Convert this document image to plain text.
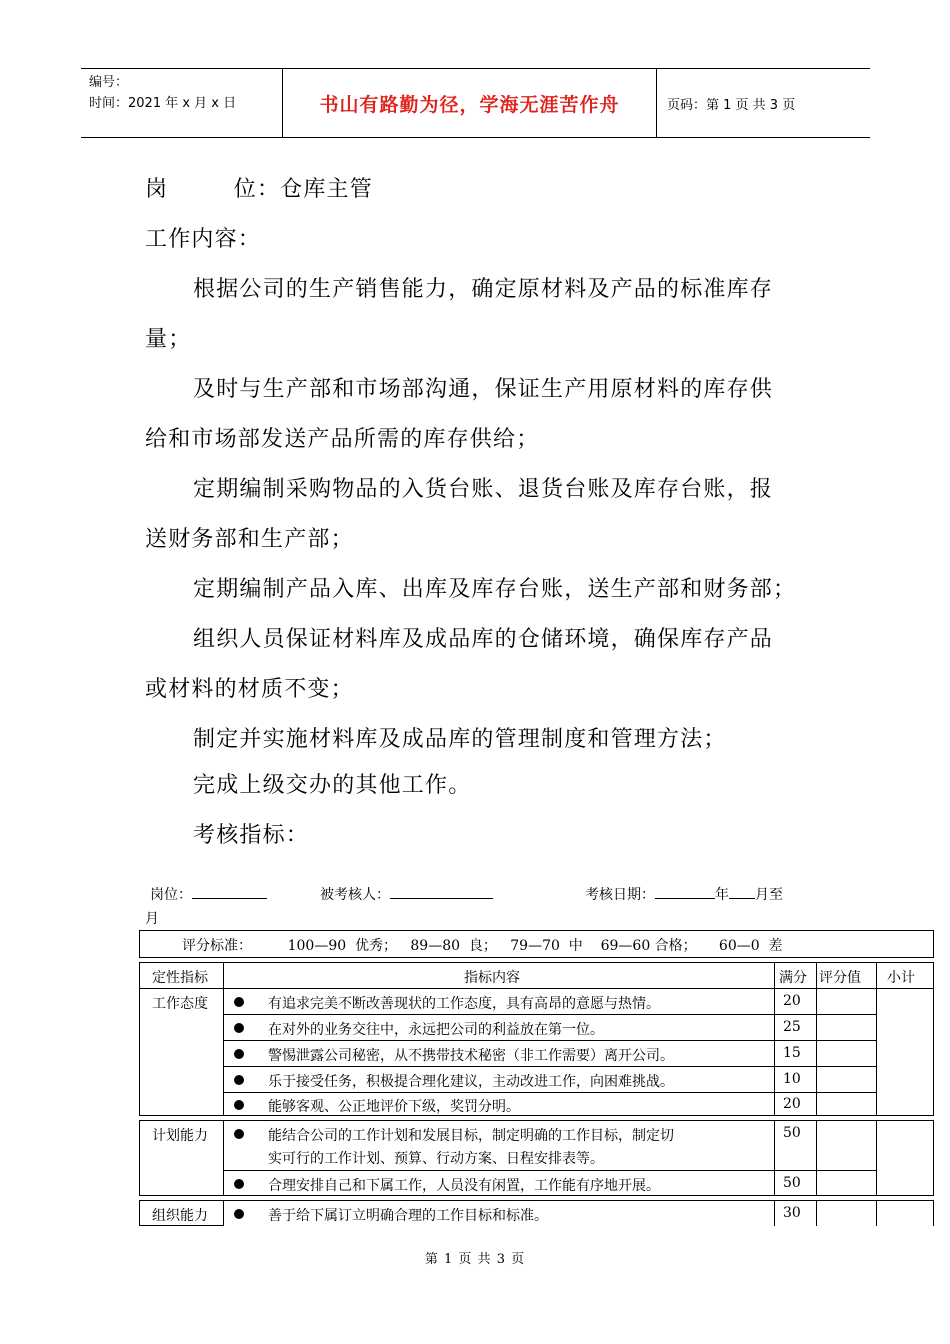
编号：
时间：2021 年 x 月 x 日	书山有路勤为径，学海无涯苦作舟	页码：第 1 页 共 3 页
岗        位：仓库主管
工作内容：
根据公司的生产销售能力，确定原材料及产品的标准库存
量；
及时与生产部和市场部沟通，保证生产用原材料的库存供
给和市场部发送产品所需的库存供给；
定期编制采购物品的入货台账、退货台账及库存台账，报
送财务部和生产部；
定期编制产品入库、出库及库存台账，送生产部和财务部；
组织人员保证材料库及成品库的仓储环境，确保库存产品
或材料的材质不变；
制定并实施材料库及成品库的管理制度和管理方法；
完成上级交办的其他工作。
考核指标：
岗位：	被考核人：	考核日期：	年 月至
月
评分标准：        100—90  优秀；   89—80  良；   79—70  中    69—60 合格；     60—0  差
定性指标	指标内容	满分 评分值 小计
工作态度	有追求完美不断改善现状的工作态度，具有高昂的意愿与热情。	20
在对外的业务交往中，永远把公司的利益放在第一位。	25
警惕泄露公司秘密，从不携带技术秘密（非工作需要）离开公司。	15
乐于接受任务，积极提合理化建议，主动改进工作，向困难挑战。	10
能够客观、公正地评价下级，奖罚分明。	20
计划能力	能结合公司的工作计划和发展目标，制定明确的工作目标，制定切
实可行的工作计划、预算、行动方案、日程安排表等。
50
合理安排自己和下属工作，人员没有闲置，工作能有序地开展。	50
组织能力	善于给下属订立明确合理的工作目标和标准。	30
第 1 页 共 3 页
